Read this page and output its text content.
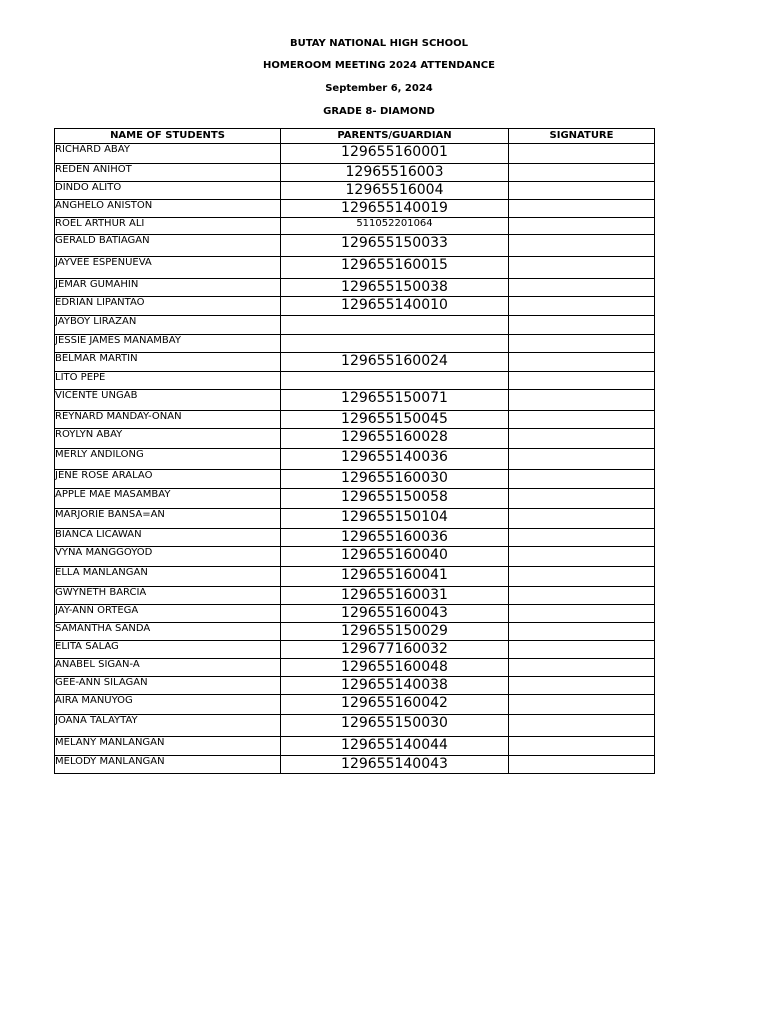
BUTAY NATIONAL HIGH SCHOOL
HOMEROOM MEETING 2024 ATTENDANCE
September 6, 2024
GRADE 8- DIAMOND
NAME OF STUDENTS	PARENTS/GUARDIAN	SIGNATURE
RICHARD ABAY	129655160001	
REDEN ANIHOT	12965516003	
DINDO ALITO	12965516004	
ANGHELO ANISTON	129655140019	
ROEL ARTHUR ALI	511052201064	
GERALD BATIAGAN	129655150033	
JAYVEE ESPENUEVA	129655160015	
JEMAR GUMAHIN	129655150038	
EDRIAN LIPANTAO	129655140010	
JAYBOY LIRAZAN		
JESSIE JAMES MANAMBAY		
BELMAR MARTIN	129655160024	
LITO PEPE		
VICENTE UNGAB	129655150071	
REYNARD MANDAY-ONAN	129655150045	
ROYLYN ABAY	129655160028	
MERLY ANDILONG	129655140036	
JENE ROSE ARALAO	129655160030	
APPLE MAE MASAMBAY	129655150058	
MARJORIE BANSA=AN	129655150104	
BIANCA LICAWAN	129655160036	
VYNA MANGGOYOD	129655160040	
ELLA MANLANGAN	129655160041	
GWYNETH BARCIA	129655160031	
JAY-ANN ORTEGA	129655160043	
SAMANTHA SANDA	129655150029	
ELITA SALAG	129677160032	
ANABEL SIGAN-A	129655160048	
GEE-ANN SILAGAN	129655140038	
AIRA MANUYOG	129655160042	
JOANA TALAYTAY	129655150030	
MELANY MANLANGAN	129655140044	
MELODY MANLANGAN	129655140043	
